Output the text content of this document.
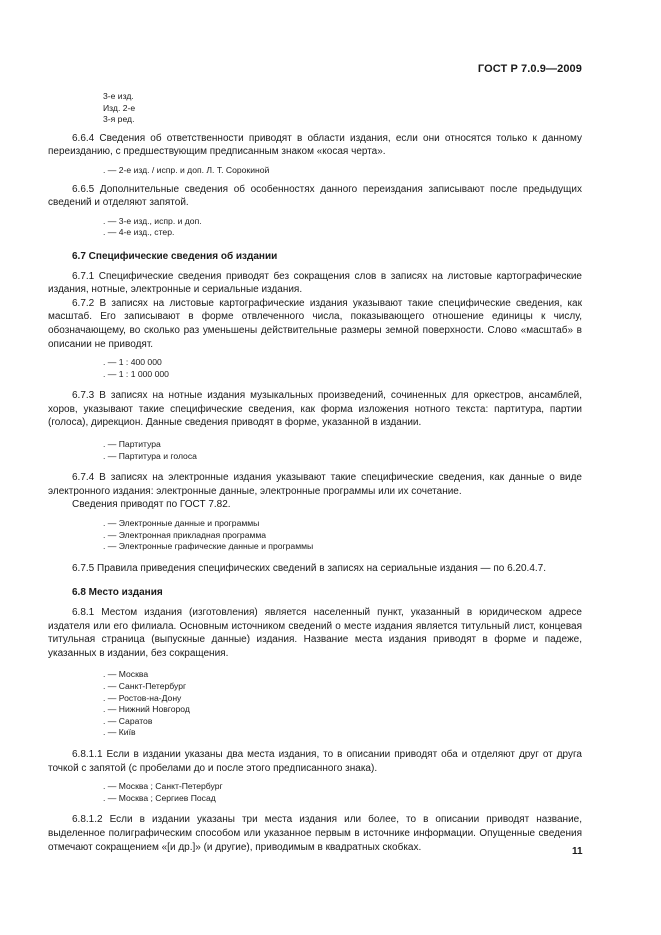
ГОСТ Р 7.0.9—2009
3-е изд.
Изд. 2-е
3-я ред.

6.6.4 Сведения об ответственности приводят в области издания, если они относятся только к данному переизданию, с предшествующим предписанным знаком «косая черта».

. — 2-е изд. / испр. и доп. Л. Т. Сорокиной

6.6.5 Дополнительные сведения об особенностях данного переиздания записывают после предыдущих сведений и отделяют запятой.

. — 3-е изд., испр. и доп.
. — 4-е изд., стер.

6.7 Специфические сведения об издании

6.7.1 Специфические сведения приводят без сокращения слов в записях на листовые картографические издания, нотные, электронные и сериальные издания.

6.7.2 В записях на листовые картографические издания указывают такие специфические сведения, как масштаб. Его записывают в форме отвлеченного числа, показывающего отношение единицы к числу, обозначающему, во сколько раз уменьшены действительные размеры земной поверхности. Слово «масштаб» в описании не приводят.

. — 1 : 400 000
. — 1 : 1 000 000

6.7.3 В записях на нотные издания музыкальных произведений, сочиненных для оркестров, ансамблей, хоров, указывают такие специфические сведения, как форма изложения нотного текста: партитура, партии (голоса), дирекцион. Данные сведения приводят в форме, указанной в издании.

. — Партитура
. — Партитура и голоса

6.7.4 В записях на электронные издания указывают такие специфические сведения, как данные о виде электронного издания: электронные данные, электронные программы или их сочетание.

Сведения приводят по ГОСТ 7.82.

. — Электронные данные и программы
. — Электронная прикладная программа
. — Электронные графические данные и программы

6.7.5 Правила приведения специфических сведений в записях на сериальные издания — по 6.20.4.7.

6.8 Место издания

6.8.1 Местом издания (изготовления) является населенный пункт, указанный в юридическом адресе издателя или его филиала. Основным источником сведений о месте издания является титульный лист, концевая титульная страница (выпускные данные) издания. Название места издания приводят в форме и падеже, указанных в издании, без сокращения.

. — Москва
. — Санкт-Петербург
. — Ростов-на-Дону
. — Нижний Новгород
. — Саратов
. — Київ

6.8.1.1 Если в издании указаны два места издания, то в описании приводят оба и отделяют друг от друга точкой с запятой (с пробелами до и после этого предписанного знака).

. — Москва ; Санкт-Петербург
. — Москва ; Сергиев Посад

6.8.1.2 Если в издании указаны три места издания или более, то в описании приводят название, выделенное полиграфическим способом или указанное первым в источнике информации. Опущенные сведения отмечают сокращением «[и др.]» (и другие), приводимым в квадратных скобках.	11
